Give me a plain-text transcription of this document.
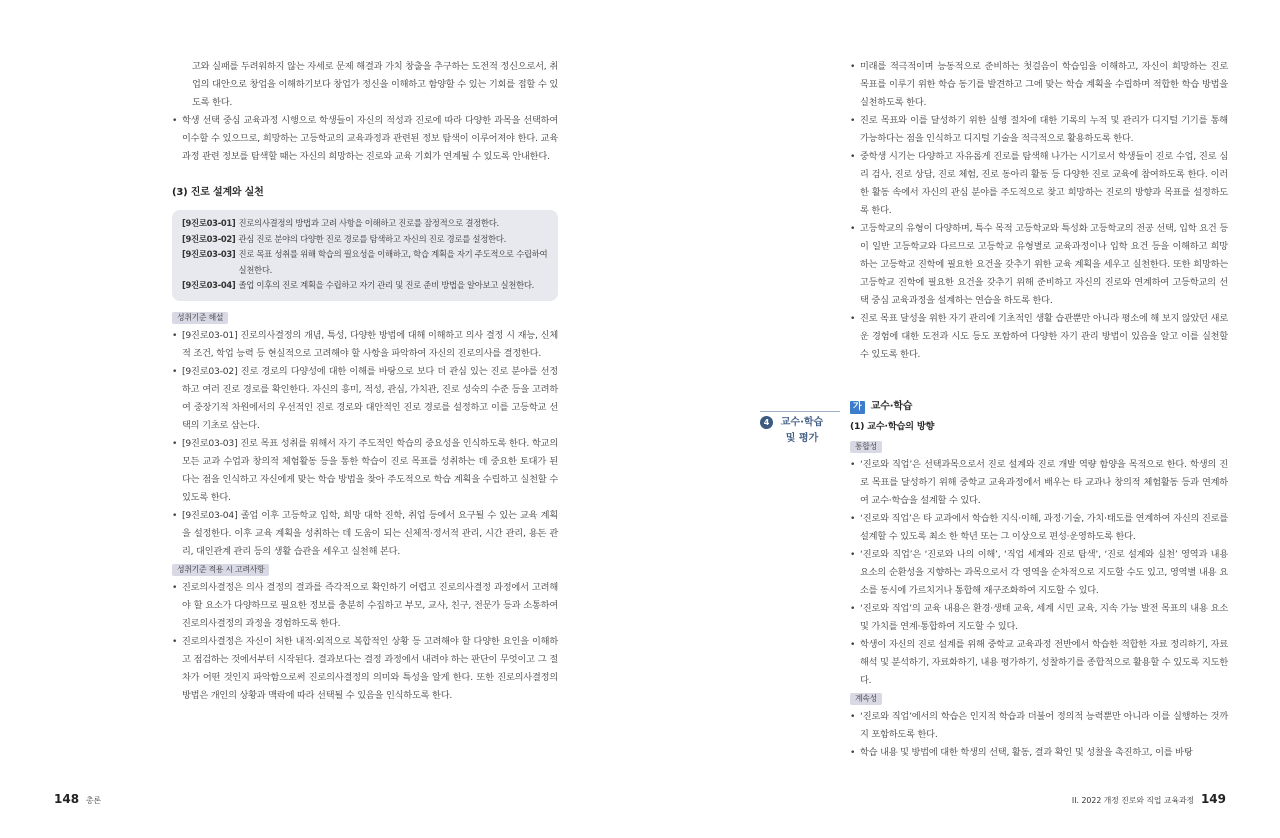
고와 실패를 두려워하지 않는 자세로 문제 해결과 가치 창출을 추구하는 도전적 정신으로서, 취업의 대안으로 창업을 이해하기보다 창업가 정신을 이해하고 함양할 수 있는 기회를 접할 수 있도록 한다.
• 학생 선택 중심 교육과정 시행으로 학생들이 자신의 적성과 진로에 따라 다양한 과목을 선택하여 이수할 수 있으므로, 희망하는 고등학교의 교육과정과 관련된 정보 탐색이 이루어져야 한다. 교육과정 관련 정보를 탐색할 때는 자신의 희망하는 진로와 교육 기회가 연계될 수 있도록 안내한다.
(3) 진로 설계와 실천
[9진로03-01] 진로의사결정의 방법과 고려 사항을 이해하고 진로를 잠정적으로 결정한다.
[9진로03-02] 관심 진로 분야의 다양한 진로 경로를 탐색하고 자신의 진로 경로를 설정한다.
[9진로03-03] 진로 목표 성취를 위해 학습의 필요성을 이해하고, 학습 계획을 자기 주도적으로 수립하여 실천한다.
[9진로03-04] 졸업 이후의 진로 계획을 수립하고 자기 관리 및 진로 준비 방법을 알아보고 실천한다.
성취기준 해설
• [9진로03-01] 진로의사결정의 개념, 특성, 다양한 방법에 대해 이해하고 의사 결정 시 재능, 신체적 조건, 학업 능력 등 현실적으로 고려해야 할 사항을 파악하여 자신의 진로의사를 결정한다.
• [9진로03-02] 진로 경로의 다양성에 대한 이해를 바탕으로 보다 더 관심 있는 진로 분야를 선정하고 여러 진로 경로를 확인한다. 자신의 흥미, 적성, 관심, 가치관, 진로 성숙의 수준 등을 고려하여 중장기적 차원에서의 우선적인 진로 경로와 대안적인 진로 경로를 설정하고 이를 고등학교 선택의 기초로 삼는다.
• [9진로03-03] 진로 목표 성취를 위해서 자기 주도적인 학습의 중요성을 인식하도록 한다. 학교의 모든 교과 수업과 창의적 체험활동 등을 통한 학습이 진로 목표를 성취하는 데 중요한 토대가 된다는 점을 인식하고 자신에게 맞는 학습 방법을 찾아 주도적으로 학습 계획을 수립하고 실천할 수 있도록 한다.
• [9진로03-04] 졸업 이후 고등학교 입학, 희망 대학 진학, 취업 등에서 요구될 수 있는 교육 계획을 설정한다. 이후 교육 계획을 성취하는 데 도움이 되는 신체적·정서적 관리, 시간 관리, 용돈 관리, 대인관계 관리 등의 생활 습관을 세우고 실천해 본다.
성취기준 적용 시 고려사항
• 진로의사결정은 의사 결정의 결과를 즉각적으로 확인하기 어렵고 진로의사결정 과정에서 고려해야 할 요소가 다양하므로 필요한 정보를 충분히 수집하고 부모, 교사, 친구, 전문가 등과 소통하여 진로의사결정의 과정을 경험하도록 한다.
• 진로의사결정은 자신이 처한 내적·외적으로 복합적인 상황 등 고려해야 할 다양한 요인을 이해하고 점검하는 것에서부터 시작된다. 결과보다는 결정 과정에서 내려야 하는 판단이 무엇이고 그 절차가 어떤 것인지 파악함으로써 진로의사결정의 의미와 특성을 알게 한다. 또한 진로의사결정의 방법은 개인의 상황과 맥락에 따라 선택될 수 있음을 인식하도록 한다.
• 미래를 적극적이며 능동적으로 준비하는 첫걸음이 학습임을 이해하고, 자신이 희망하는 진로 목표를 이루기 위한 학습 동기를 발견하고 그에 맞는 학습 계획을 수립하며 적합한 학습 방법을 실천하도록 한다.
• 진로 목표와 이를 달성하기 위한 실행 절차에 대한 기록의 누적 및 관리가 디지털 기기를 통해 가능하다는 점을 인식하고 디지털 기술을 적극적으로 활용하도록 한다.
• 중학생 시기는 다양하고 자유롭게 진로를 탐색해 나가는 시기로서 학생들이 진로 수업, 진로 심리 검사, 진로 상담, 진로 체험, 진로 동아리 활동 등 다양한 진로 교육에 참여하도록 한다. 이러한 활동 속에서 자신의 관심 분야를 주도적으로 찾고 희망하는 진로의 방향과 목표를 설정하도록 한다.
• 고등학교의 유형이 다양하며, 특수 목적 고등학교와 특성화 고등학교의 전공 선택, 입학 요건 등이 일반 고등학교와 다르므로 고등학교 유형별로 교육과정이나 입학 요건 등을 이해하고 희망하는 고등학교 진학에 필요한 요건을 갖추기 위한 교육 계획을 세우고 실천한다. 또한 희망하는 고등학교 진학에 필요한 요건을 갖추기 위해 준비하고 자신의 진로와 연계하여 고등학교의 선택 중심 교육과정을 설계하는 연습을 하도록 한다.
• 진로 목표 달성을 위한 자기 관리에 기초적인 생활 습관뿐만 아니라 평소에 해 보지 않았던 새로운 경험에 대한 도전과 시도 등도 포함하여 다양한 자기 관리 방법이 있음을 알고 이를 실천할 수 있도록 한다.
가 교수·학습
(1) 교수·학습의 방향
통합성
• ‘진로와 직업’은 선택과목으로서 진로 설계와 진로 개발 역량 함양을 목적으로 한다. 학생의 진로 목표를 달성하기 위해 중학교 교육과정에서 배우는 타 교과나 창의적 체험활동 등과 연계하여 교수·학습을 설계할 수 있다.
• ‘진로와 직업’은 타 교과에서 학습한 지식·이해, 과정·기술, 가치·태도를 연계하여 자신의 진로를 설계할 수 있도록 최소 한 학년 또는 그 이상으로 편성·운영하도록 한다.
• ‘진로와 직업’은 ‘진로와 나의 이해’, ‘직업 세계와 진로 탐색’, ‘진로 설계와 실천’ 영역과 내용 요소의 순환성을 지향하는 과목으로서 각 영역을 순차적으로 지도할 수도 있고, 영역별 내용 요소를 동시에 가르치거나 통합해 재구조화하여 지도할 수 있다.
• ‘진로와 직업’의 교육 내용은 환경·생태 교육, 세계 시민 교육, 지속 가능 발전 목표의 내용 요소 및 가치를 연계·통합하여 지도할 수 있다.
• 학생이 자신의 진로 설계를 위해 중학교 교육과정 전반에서 학습한 적합한 자료 정리하기, 자료 해석 및 분석하기, 자료화하기, 내용 평가하기, 성찰하기를 종합적으로 활용할 수 있도록 지도한다.
계속성
• ‘진로와 직업’에서의 학습은 인지적 학습과 더불어 정의적 능력뿐만 아니라 이를 실행하는 것까지 포함하도록 한다.
• 학습 내용 및 방법에 대한 학생의 선택, 활동, 결과 확인 및 성찰을 촉진하고, 이를 바탕
4	교수·학습 및 평가
148 총론	II. 2022 개정 진로와 직업 교육과정 149
